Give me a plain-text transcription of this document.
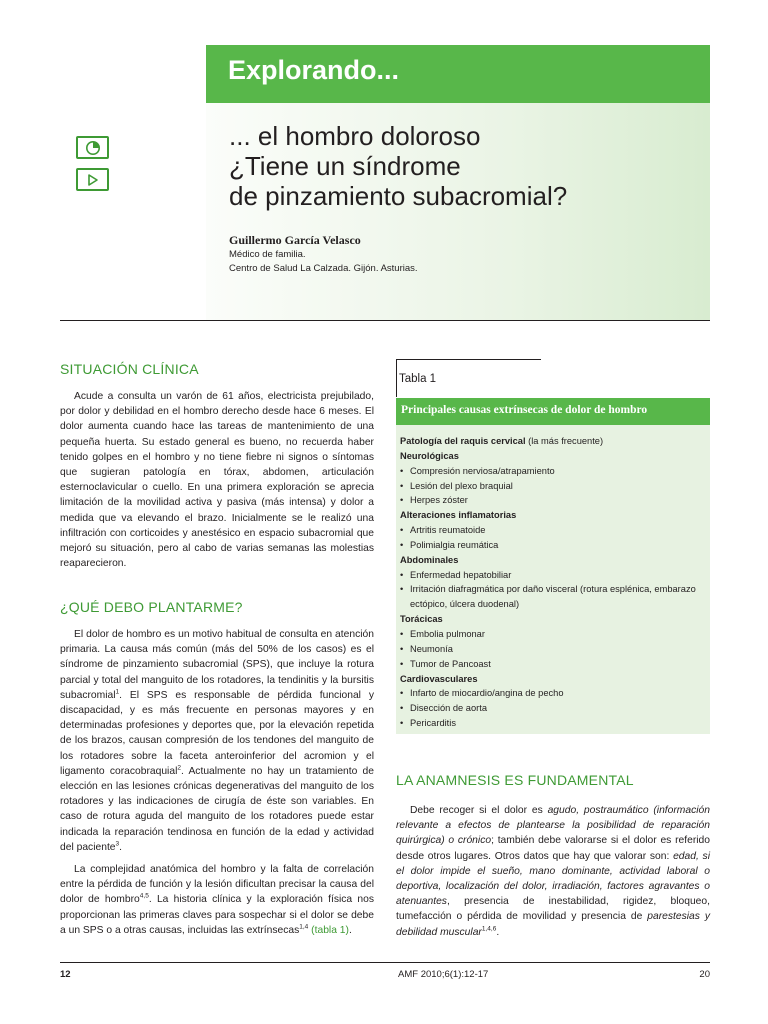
Explorando...
... el hombro doloroso
¿Tiene un síndrome
de pinzamiento subacromial?
Guillermo García Velasco
Médico de familia.
Centro de Salud La Calzada. Gijón. Asturias.
SITUACIÓN CLÍNICA
Acude a consulta un varón de 61 años, electricista prejubilado, por dolor y debilidad en el hombro derecho desde hace 6 meses. El dolor aumenta cuando hace las tareas de mantenimiento de una pequeña huerta. Su estado general es bueno, no recuerda haber tenido golpes en el hombro y no tiene fiebre ni signos o síntomas que sugieran patología en tórax, abdomen, articulación esternoclavicular o cuello. En una primera exploración se aprecia limitación de la movilidad activa y pasiva (más intensa) y dolor a medida que va elevando el brazo. Inicialmente se le realizó una infiltración con corticoides y anestésico en espacio subacromial que mejoró su situación, pero al cabo de varias semanas las molestias reaparecieron.
¿QUÉ DEBO PLANTARME?
El dolor de hombro es un motivo habitual de consulta en atención primaria. La causa más común (más del 50% de los casos) es el síndrome de pinzamiento subacromial (SPS), que incluye la rotura parcial y total del manguito de los rotadores, la tendinitis y la bursitis subacromial$^1$. El SPS es responsable de pérdida funcional y discapacidad, y es más frecuente en personas mayores y en determinadas profesiones y deportes que, por la elevación repetida de los brazos, causan compresión de los tendones del manguito de los rotadores sobre la faceta anteroinferior del acromion y el ligamento coracobraquial$^2$. Actualmente no hay un tratamiento de elección en las lesiones crónicas degenerativas del manguito de los rotadores y las indicaciones de cirugía de éste son variables. En caso de rotura aguda del manguito de los rotadores puede estar indicada la reparación tendinosa en función de la edad y actividad del paciente$^3$.
La complejidad anatómica del hombro y la falta de correlación entre la pérdida de función y la lesión dificultan precisar la causa del dolor de hombro$^{4,5}$. La historia clínica y la exploración física nos proporcionan las primeras claves para sospechar si el dolor se debe a un SPS o a otras causas, incluidas las extrínsecas$^{1,4}$ (tabla 1).
Tabla 1
Principales causas extrínsecas de dolor de hombro
Patología del raquis cervical (la más frecuente)
Neurológicas
• Compresión nerviosa/atrapamiento
• Lesión del plexo braquial
• Herpes zóster
Alteraciones inflamatorias
• Artritis reumatoide
• Polimialgia reumática
Abdominales
• Enfermedad hepatobiliar
• Irritación diafragmática por daño visceral (rotura esplénica, embarazo ectópico, úlcera duodenal)
Torácicas
• Embolia pulmonar
• Neumonía
• Tumor de Pancoast
Cardiovasculares
• Infarto de miocardio/angina de pecho
• Disección de aorta
• Pericarditis
LA ANAMNESIS ES FUNDAMENTAL
Debe recoger si el dolor es agudo, postraumático (información relevante a efectos de plantearse la posibilidad de reparación quirúrgica) o crónico; también debe valorarse si el dolor es referido desde otros lugares. Otros datos que hay que valorar son: edad, si el dolor impide el sueño, mano dominante, actividad laboral o deportiva, localización del dolor, irradiación, factores agravantes o atenuantes, presencia de inestabilidad, rigidez, bloqueo, tumefacción o pérdida de movilidad y presencia de parestesias y debilidad muscular$^{1,4,6}$.
12	AMF 2010;6(1):12-17	20
